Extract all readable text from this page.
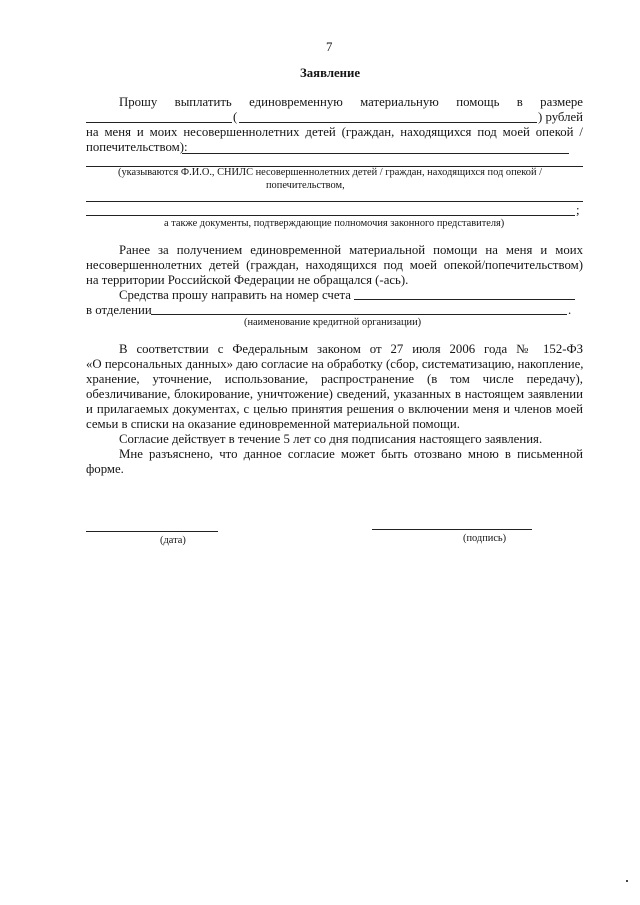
7
Заявление
Прошу выплатить единовременную материальную помощь в размере
(	) рублей
на меня и моих несовершеннолетних детей (граждан, находящихся под моей опекой /
попечительством):
(указываются Ф.И.О., СНИЛС несовершеннолетних детей / граждан, находящихся под опекой /
попечительством,
;
а также документы, подтверждающие полномочия законного представителя)
Ранее за получением единовременной материальной помощи на меня и моих
несовершеннолетних детей (граждан, находящихся под моей опекой/попечительством)
на территории Российской Федерации не обращался (-ась).
Средства прошу направить на номер счета
в отделении	.
(наименование кредитной организации)
В соответствии с Федеральным законом от 27 июля 2006 года № 152-ФЗ
«О персональных данных» даю согласие на обработку (сбор, систематизацию, накопление,
хранение, уточнение, использование, распространение (в том числе передачу),
обезличивание, блокирование, уничтожение) сведений, указанных в настоящем заявлении
и прилагаемых документах, с целью принятия решения о включении меня и членов моей
семьи в списки на оказание единовременной материальной помощи.
Согласие действует в течение 5 лет со дня подписания настоящего заявления.
Мне разъяснено, что данное согласие может быть отозвано мною в письменной
форме.
(дата)	(подпись)
